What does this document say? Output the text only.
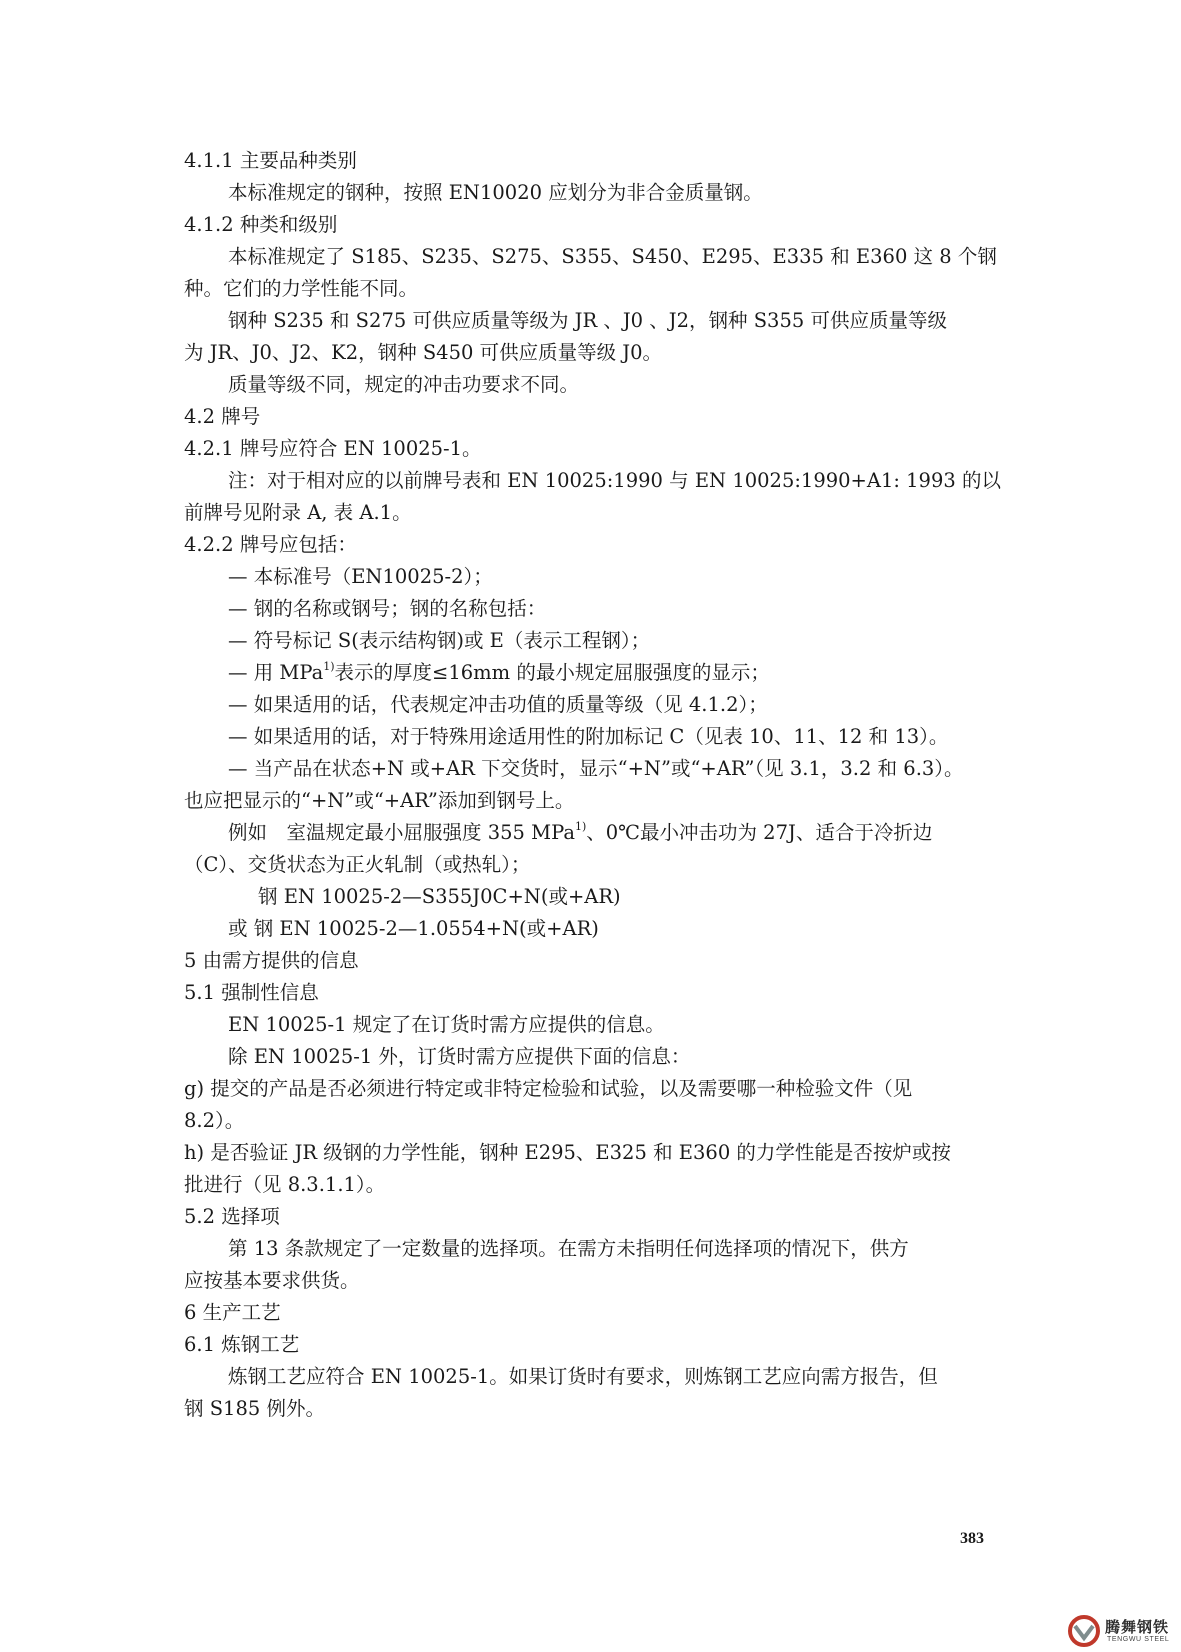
4.1.1 主要品种类别
本标准规定的钢种，按照 EN10020 应划分为非合金质量钢。
4.1.2 种类和级别
本标准规定了 S185、S235、S275、S355、S450、E295、E335 和 E360 这 8 个钢
种。它们的力学性能不同。
钢种 S235 和 S275 可供应质量等级为 JR 、J0 、J2，钢种 S355 可供应质量等级
为 JR、J0、J2、K2，钢种 S450 可供应质量等级 J0。
质量等级不同，规定的冲击功要求不同。
4.2 牌号
4.2.1 牌号应符合 EN 10025-1。
注：对于相对应的以前牌号表和 EN 10025:1990 与 EN 10025:1990+A1: 1993 的以
前牌号见附录 A, 表 A.1。
4.2.2 牌号应包括：
— 本标准号（EN10025-2）；
— 钢的名称或钢号；钢的名称包括：
— 符号标记 S(表示结构钢)或 E（表示工程钢）；
— 用 MPa$^{1)}$表示的厚度≤16mm 的最小规定屈服强度的显示；
— 如果适用的话，代表规定冲击功值的质量等级（见 4.1.2）；
— 如果适用的话，对于特殊用途适用性的附加标记 C（见表 10、11、12 和 13）。
— 当产品在状态+N 或+AR 下交货时，显示“+N”或“+AR”（见 3.1，3.2 和 6.3）。
也应把显示的“+N”或“+AR”添加到钢号上。
例如　室温规定最小屈服强度 355 MPa$^{1)}$、0℃最小冲击功为 27J、适合于冷折边
（C）、交货状态为正火轧制（或热轧）；
钢 EN 10025-2—S355J0C+N(或+AR)
或 钢 EN 10025-2—1.0554+N(或+AR)
5 由需方提供的信息
5.1 强制性信息
EN 10025-1 规定了在订货时需方应提供的信息。
除 EN 10025-1 外，订货时需方应提供下面的信息：
g) 提交的产品是否必须进行特定或非特定检验和试验，以及需要哪一种检验文件（见
8.2）。
h) 是否验证 JR 级钢的力学性能，钢种 E295、E325 和 E360 的力学性能是否按炉或按
批进行（见 8.3.1.1）。
5.2 选择项
第 13 条款规定了一定数量的选择项。在需方未指明任何选择项的情况下，供方
应按基本要求供货。
6 生产工艺
6.1 炼钢工艺
炼钢工艺应符合 EN 10025-1。如果订货时有要求，则炼钢工艺应向需方报告，但
钢 S185 例外。
383
腾舞钢铁
TENGWU STEEL
